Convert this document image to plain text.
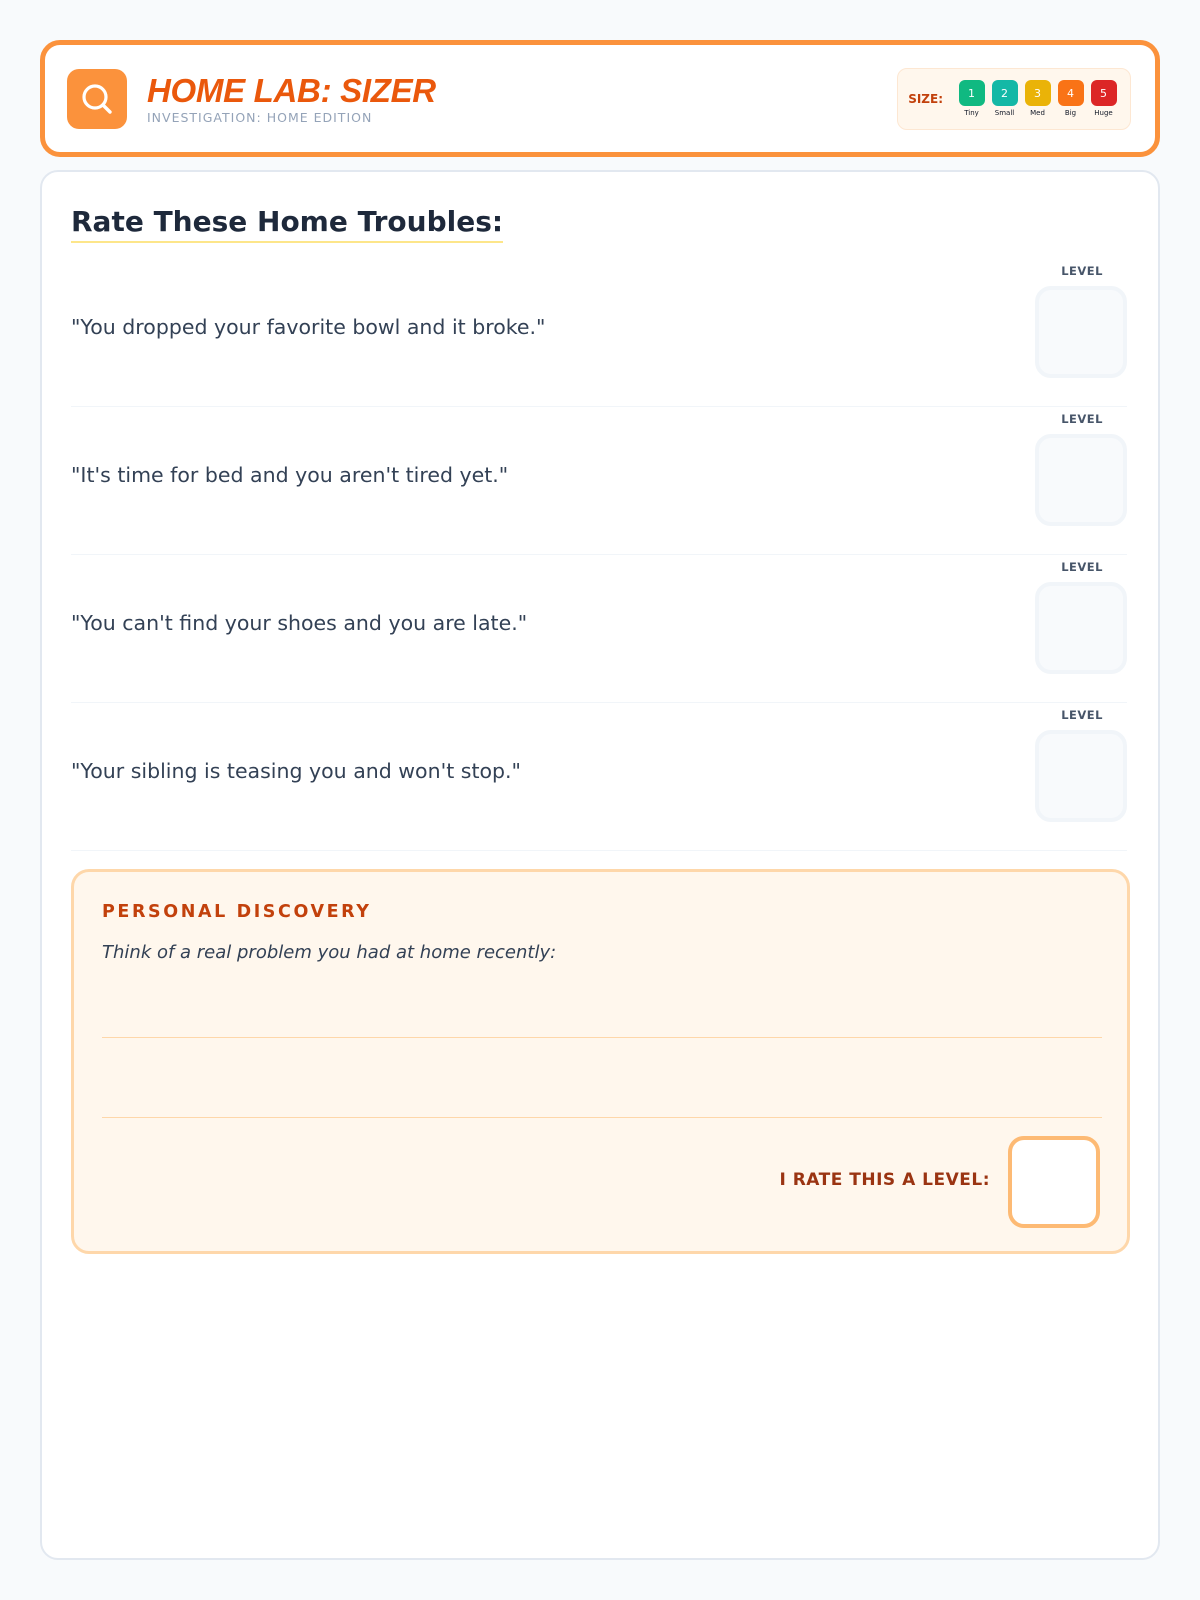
HOME LAB: SIZER
INVESTIGATION: HOME EDITION
SIZE:	1
Tiny
2
Small
3
Med
4
Big
5
Huge
Rate These Home Troubles:
"You dropped your favorite bowl and it broke."
LEVEL
"It's time for bed and you aren't tired yet."
LEVEL
"You can't find your shoes and you are late."
LEVEL
"Your sibling is teasing you and won't stop."
LEVEL
PERSONAL DISCOVERY
Think of a real problem you had at home recently:
I RATE THIS A LEVEL:
